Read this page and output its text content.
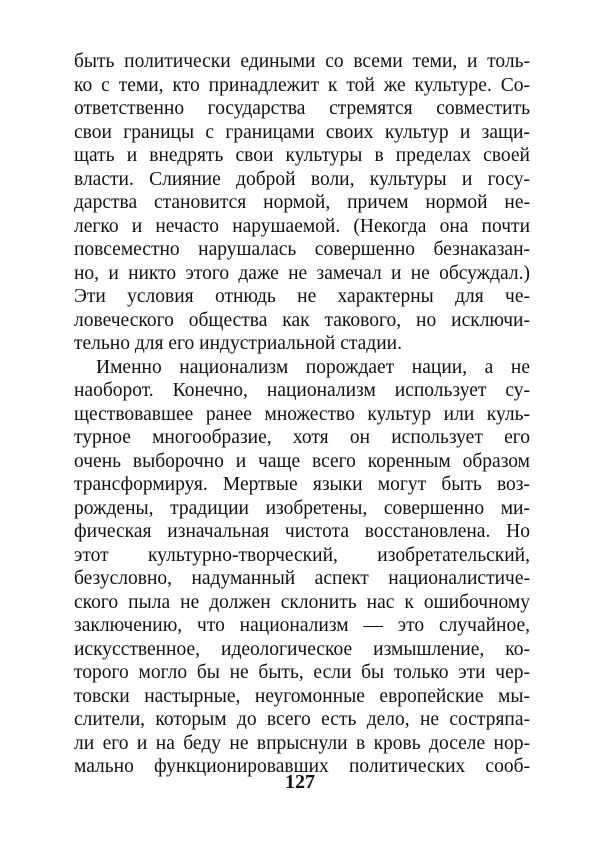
быть политически едиными со всеми теми, и толь-
ко с теми, кто принадлежит к той же культуре. Со-
ответственно государства стремятся совместить
свои границы с границами своих культур и защи-
щать и внедрять свои культуры в пределах своей
власти. Слияние доброй воли, культуры и госу-
дарства становится нормой, причем нормой не-
легко и нечасто нарушаемой. (Некогда она почти
повсеместно нарушалась совершенно безнаказан-
но, и никто этого даже не замечал и не обсуждал.)
Эти условия отнюдь не характерны для че-
ловеческого общества как такового, но исключи-
тельно для его индустриальной стадии.
Именно национализм порождает нации, а не
наоборот. Конечно, национализм использует су-
ществовавшее ранее множество культур или куль-
турное многообразие, хотя он использует его
очень выборочно и чаще всего коренным образом
трансформируя. Мертвые языки могут быть воз-
рождены, традиции изобретены, совершенно ми-
фическая изначальная чистота восстановлена. Но
этот культурно-творческий, изобретательский,
безусловно, надуманный аспект националистиче-
ского пыла не должен склонить нас к ошибочному
заключению, что национализм — это случайное,
искусственное, идеологическое измышление, ко-
торого могло бы не быть, если бы только эти чер-
товски настырные, неугомонные европейские мы-
слители, которым до всего есть дело, не состряпа-
ли его и на беду не впрыснули в кровь доселе нор-
мально функционировавших политических сооб-
127
